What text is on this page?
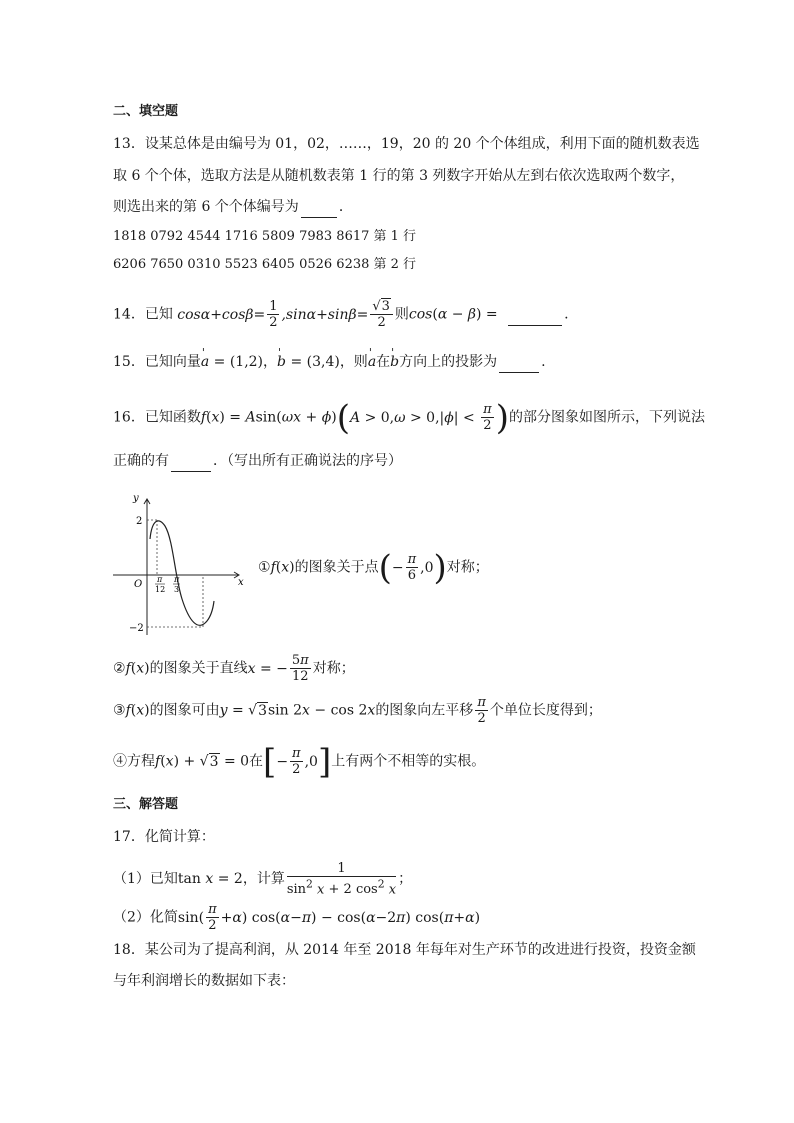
二、填空题
13．设某总体是由编号为 01，02，……，19，20 的 20 个个体组成，利用下面的随机数表选
取 6 个个体，选取方法是从随机数表第 1 行的第 3 列数字开始从左到右依次选取两个数字，
则选出来的第 6 个个体编号为	．
1818 0792 4544 1716 5809 7983 8617 第 1 行
6206 7650 0310 5523 6405 0526 6238 第 2 行
14．已知 $\cos\alpha+\cos\beta= \frac{1}{2} ,\sin\alpha+\sin\beta= \frac{√3}{2}$ 则cos(α − β) =	.
15．已知向量' a = (1,2)，' b = (3,4)，则' a在' b方向上的投影为	.
16．已知函数$f(x) = Asin(\omega x + \phi)(A > 0,\omega > 0,|\phi| < \frac{\pi}{2}$ )的部分图象如图所示，下列说法
正确的有	．（写出所有正确说法的序号）
y
x
O
2
−2
π
12
π
3
①f(x)的图象关于点(− $\frac{\pi}{6} ,0$)对称；
②f(x)的图象关于直线x = − $\frac{5\pi}{12}$ 对称；
③f(x)的图象可由y = √3sin 2x − cos 2x的图象向左平移 $\frac{\pi}{2}$ 个单位长度得到；
④方程f(x) + √3 = 0在[− $\frac{\pi}{2} ,0$]上有两个不相等的实根。
三、解答题
17．化简计算：
（1）已知tan x = 2，计算 $\frac{1}{\sin^2 x + 2 \cos^2 x}$ ；
（2）化简$\sin( \frac{\pi}{2} +\alpha)$ cos(α−π) − cos(α−2π) cos(π+α)
18．某公司为了提高利润，从 2014 年至 2018 年每年对生产环节的改进进行投资，投资金额
与年利润增长的数据如下表：
